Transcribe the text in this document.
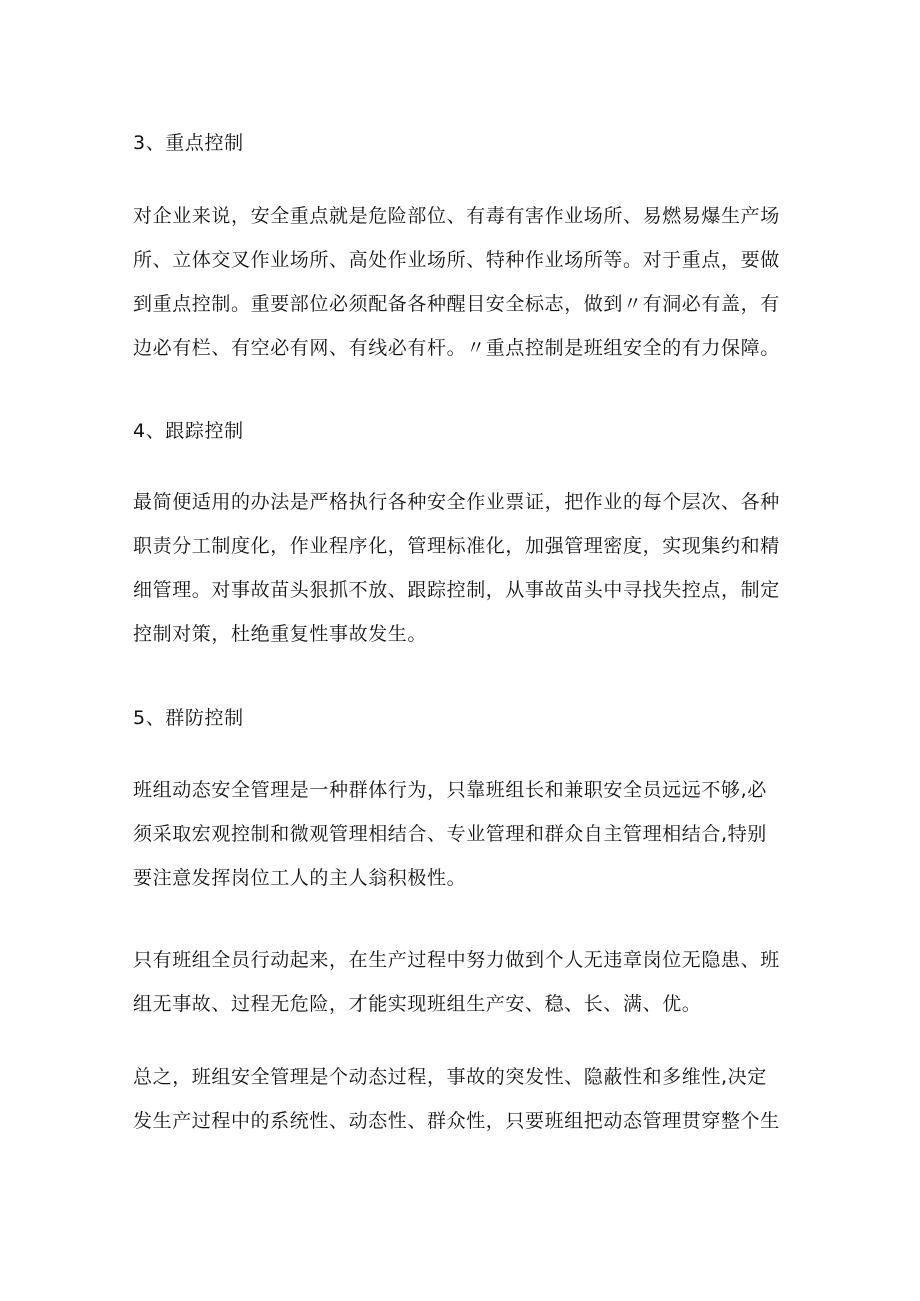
3、重点控制
对企业来说，安全重点就是危险部位、有毒有害作业场所、易燃易爆生产场
所、立体交叉作业场所、高处作业场所、特种作业场所等。对于重点，要做
到重点控制。重要部位必须配备各种醒目安全标志，做到〃有洞必有盖，有
边必有栏、有空必有网、有线必有杆。〃重点控制是班组安全的有力保障。
4、跟踪控制
最简便适用的办法是严格执行各种安全作业票证，把作业的每个层次、各种
职责分工制度化，作业程序化，管理标准化，加强管理密度，实现集约和精
细管理。对事故苗头狠抓不放、跟踪控制，从事故苗头中寻找失控点，制定
控制对策，杜绝重复性事故发生。
5、群防控制
班组动态安全管理是一种群体行为，只靠班组长和兼职安全员远远不够,必
须采取宏观控制和微观管理相结合、专业管理和群众自主管理相结合,特别
要注意发挥岗位工人的主人翁积极性。
只有班组全员行动起来，在生产过程中努力做到个人无违章岗位无隐患、班
组无事故、过程无危险，才能实现班组生产安、稳、长、满、优。
总之，班组安全管理是个动态过程，事故的突发性、隐蔽性和多维性,决定
发生产过程中的系统性、动态性、群众性，只要班组把动态管理贯穿整个生
